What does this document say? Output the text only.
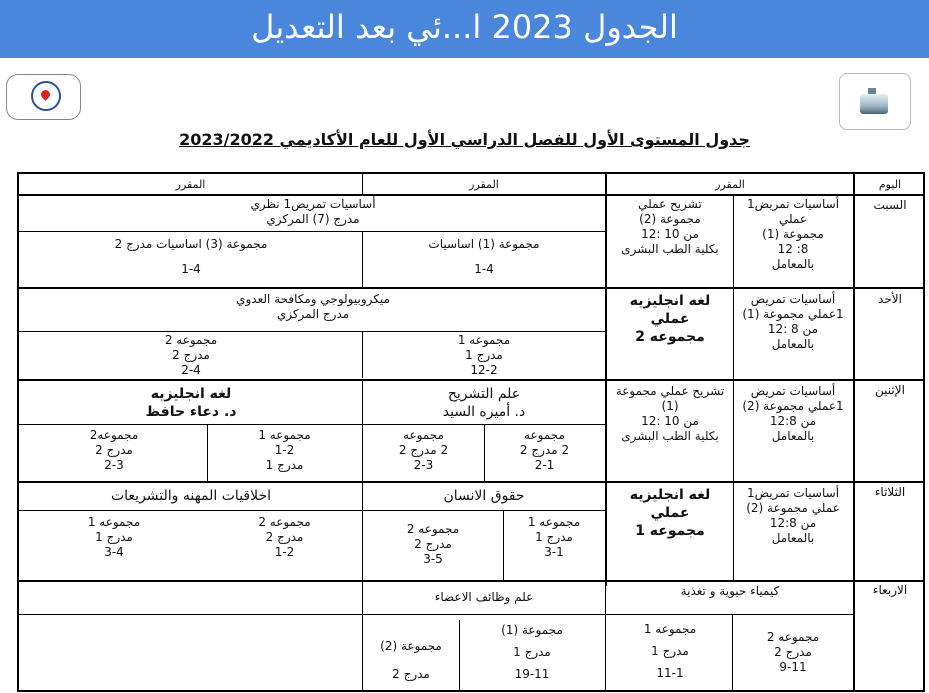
الجدول 2023 ا...ئي بعد التعديل
جدول المستوى الأول للفصل الدراسي الأول للعام الأكاديمي 2023/2022
اليوم
المقرر
المقرر
المقرر
السبت
الأحد
الإثنين
الثلاثاء
الاربعاء
أساسيات تمريض1
عملي
مجموعة (1)
8: 12
بالمعامل
تشريح عملي
مجموعة (2)
من 10 :12
بكلية الطب البشرى
أساسيات تمريض1 نظري
مدرج (7) المركزي
مجموعة (1) اساسيات
1-4
مجموعة (3) اساسيات مدرج 2
1-4
أساسيات تمريض
1عملي مجموعة (1)
من 8 :12
بالمعامل
لغه انجليزيه
عملي
مجموعه 2
ميكروبيولوجي ومكافحة العدوي
مدرج المركزي
مجموعه 1
مدرج 1
12-2
مجموعه 2
مدرج 2
2-4
أساسيات تمريض
1عملي مجموعة (2)
من 12:8
بالمعامل
تشريح عملي مجموعة
(1)
من 10 :12
بكلية الطب البشرى
علم التشريح
د. أميره السيد
لغه انجليزيه
د. دعاء حافظ
مجموعه
2 مدرج 2
2-1
مجموعه
2 مدرج 2
2-3
مجموعه 1
1-2
مدرج 1
مجموعه2
مدرج 2
2-3
أساسيات تمريض1
عملي مجموعة (2)
من 12:8
بالمعامل
لغه انجليزيه
عملي
مجموعه 1
حقوق الانسان
اخلاقيات المهنه والتشريعات
مجموعه 1
مدرج 1
3-1
مجموعه 2
مدرج 2
3-5
مجموعه 2
مدرج 2
1-2
مجموعه 1
مدرج 1
3-4
كيمياء حيوية و تغذية
علم وظائف الاعضاء
مجموعه 2
مدرج 2
9-11
مجموعه 1
مدرج 1
11-1
مجموعة (1)
مدرج 1
19-11
مجموعة (2)
مدرج 2
